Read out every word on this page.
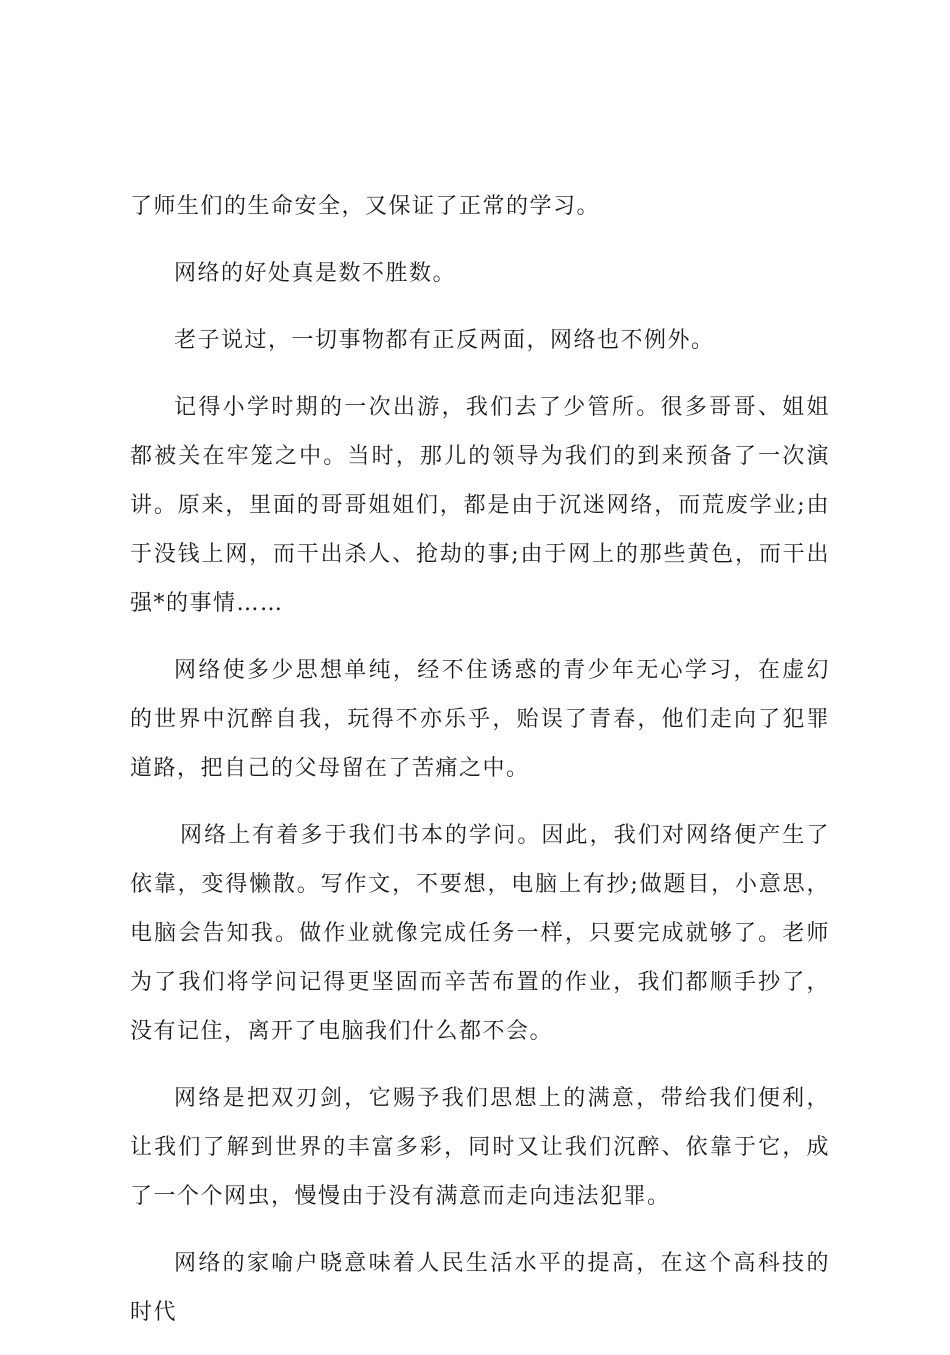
了师生们的生命安全，又保证了正常的学习。

网络的好处真是数不胜数。

老子说过，一切事物都有正反两面，网络也不例外。

记得小学时期的一次出游，我们去了少管所。很多哥哥、姐姐都被关在牢笼之中。当时，那儿的领导为我们的到来预备了一次演讲。原来，里面的哥哥姐姐们，都是由于沉迷网络，而荒废学业;由于没钱上网，而干出杀人、抢劫的事;由于网上的那些黄色，而干出强*的事情……

网络使多少思想单纯，经不住诱惑的青少年无心学习，在虚幻的世界中沉醉自我，玩得不亦乐乎，贻误了青春，他们走向了犯罪道路，把自己的父母留在了苦痛之中。

网络上有着多于我们书本的学问。因此，我们对网络便产生了依靠，变得懒散。写作文，不要想，电脑上有抄;做题目，小意思，电脑会告知我。做作业就像完成任务一样，只要完成就够了。老师为了我们将学问记得更坚固而辛苦布置的作业，我们都顺手抄了，没有记住，离开了电脑我们什么都不会。

网络是把双刃剑，它赐予我们思想上的满意，带给我们便利，让我们了解到世界的丰富多彩，同时又让我们沉醉、依靠于它，成了一个个网虫，慢慢由于没有满意而走向违法犯罪。

网络的家喻户晓意味着人民生活水平的提高，在这个高科技的时代
